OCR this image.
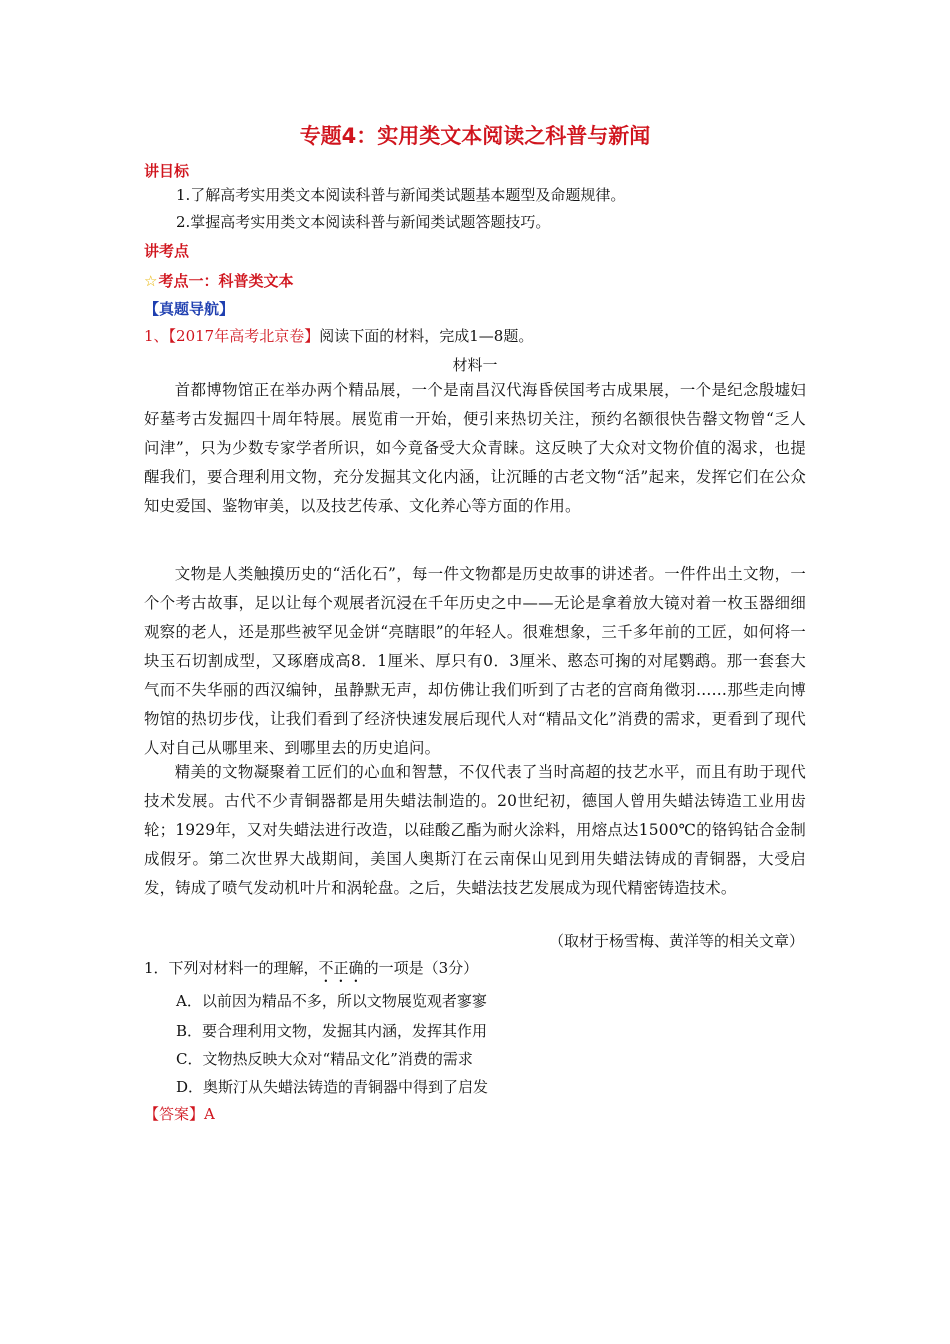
专题4：实用类文本阅读之科普与新闻
讲目标
1.了解高考实用类文本阅读科普与新闻类试题基本题型及命题规律。
2.掌握高考实用类文本阅读科普与新闻类试题答题技巧。
讲考点
☆考点一：科普类文本
【真题导航】
1、【2017年高考北京卷】阅读下面的材料，完成1—8题。
材料一
首都博物馆正在举办两个精品展，一个是南昌汉代海昏侯国考古成果展，一个是纪念殷墟妇好墓考古发掘四十周年特展。展览甫一开始，便引来热切关注，预约名额很快告罄文物曾“乏人问津”，只为少数专家学者所识，如今竟备受大众青睐。这反映了大众对文物价值的渴求，也提醒我们，要合理利用文物，充分发掘其文化内涵，让沉睡的古老文物“活”起来，发挥它们在公众知史爱国、鉴物审美，以及技艺传承、文化养心等方面的作用。
文物是人类触摸历史的“活化石”，每一件文物都是历史故事的讲述者。一件件出土文物，一个个考古故事，足以让每个观展者沉浸在千年历史之中——无论是拿着放大镜对着一枚玉器细细观察的老人，还是那些被罕见金饼“亮瞎眼”的年轻人。很难想象，三千多年前的工匠，如何将一块玉石切割成型，又琢磨成高8．1厘米、厚只有0．3厘米、憨态可掬的对尾鹦鹉。那一套套大气而不失华丽的西汉编钟，虽静默无声，却仿佛让我们听到了古老的宫商角徵羽……那些走向博物馆的热切步伐，让我们看到了经济快速发展后现代人对“精品文化”消费的需求，更看到了现代人对自己从哪里来、到哪里去的历史追问。
精美的文物凝聚着工匠们的心血和智慧，不仅代表了当时高超的技艺水平，而且有助于现代技术发展。古代不少青铜器都是用失蜡法制造的。20世纪初，德国人曾用失蜡法铸造工业用齿轮；1929年，又对失蜡法进行改造，以硅酸乙酯为耐火涂料，用熔点达1500℃的铬钨钴合金制成假牙。第二次世界大战期间，美国人奥斯汀在云南保山见到用失蜡法铸成的青铜器，大受启发，铸成了喷气发动机叶片和涡轮盘。之后，失蜡法技艺发展成为现代精密铸造技术。
（取材于杨雪梅、黄洋等的相关文章）
1．下列对材料一的理解，不正确的一项是（3分）
A．以前因为精品不多，所以文物展览观者寥寥
B．要合理利用文物，发掘其内涵，发挥其作用
C．文物热反映大众对“精品文化”消费的需求
D．奥斯汀从失蜡法铸造的青铜器中得到了启发
【答案】A
